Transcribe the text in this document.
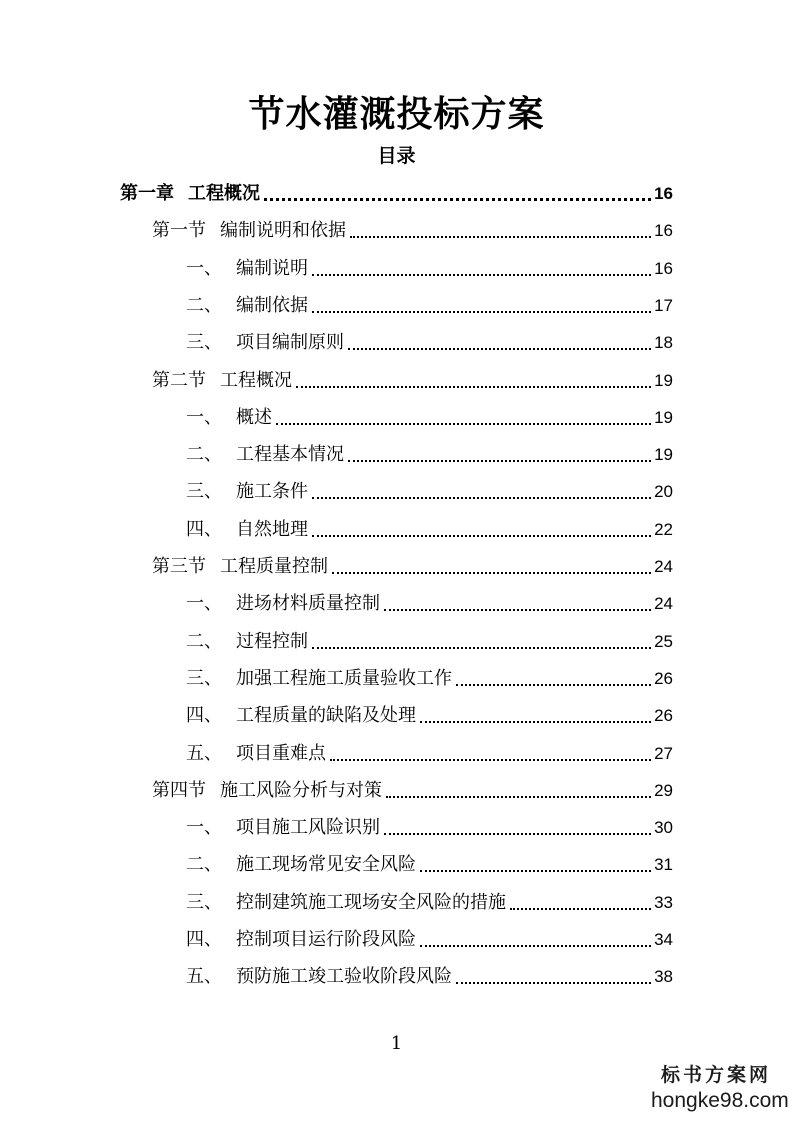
节水灌溉投标方案
目录
第一章 工程概况	16
第一节 编制说明和依据	16
一、 编制说明	16
二、 编制依据	17
三、 项目编制原则	18
第二节 工程概况	19
一、 概述	19
二、 工程基本情况	19
三、 施工条件	20
四、 自然地理	22
第三节 工程质量控制	24
一、 进场材料质量控制	24
二、 过程控制	25
三、 加强工程施工质量验收工作	26
四、 工程质量的缺陷及处理	26
五、 项目重难点	27
第四节 施工风险分析与对策	29
一、 项目施工风险识别	30
二、 施工现场常见安全风险	31
三、 控制建筑施工现场安全风险的措施	33
四、 控制项目运行阶段风险	34
五、 预防施工竣工验收阶段风险	38
1
标书方案网
hongke98.com
